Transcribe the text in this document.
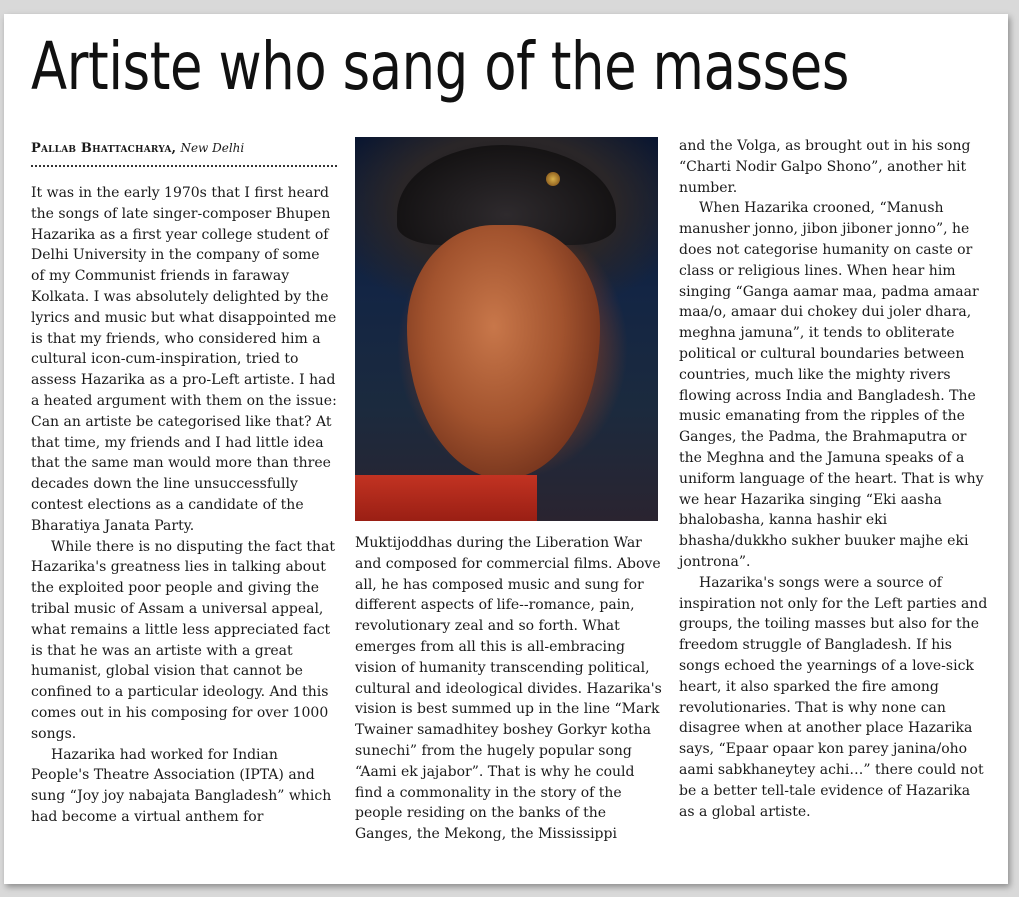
Artiste who sang of the masses
Pallab Bhattacharya, New Delhi

It was in the early 1970s that I first heard the songs of late singer-composer Bhupen Hazarika as a first year college student of Delhi University in the company of some of my Communist friends in faraway Kolkata. I was absolutely delighted by the lyrics and music but what disappointed me is that my friends, who considered him a cultural icon-cum-inspiration, tried to assess Hazarika as a pro-Left artiste. I had a heated argument with them on the issue: Can an artiste be categorised like that? At that time, my friends and I had little idea that the same man would more than three decades down the line unsuccessfully contest elections as a candidate of the Bharatiya Janata Party.

While there is no disputing the fact that Hazarika's greatness lies in talking about the exploited poor people and giving the tribal music of Assam a universal appeal, what remains a little less appreciated fact is that he was an artiste with a great humanist, global vision that cannot be confined to a particular ideology. And this comes out in his composing for over 1000 songs.

Hazarika had worked for Indian People's Theatre Association (IPTA) and sung “Joy joy nabajata Bangladesh” which had become a virtual anthem for

Muktijoddhas during the Liberation War and composed for commercial films. Above all, he has composed music and sung for different aspects of life--romance, pain, revolutionary zeal and so forth. What emerges from all this is all-embracing vision of humanity transcending political, cultural and ideological divides. Hazarika's vision is best summed up in the line “Mark Twainer samadhitey boshey Gorkyr kotha sunechi” from the hugely popular song “Aami ek jajabor”. That is why he could find a commonality in the story of the people residing on the banks of the Ganges, the Mekong, the Mississippi

and the Volga, as brought out in his song “Charti Nodir Galpo Shono”, another hit number.

When Hazarika crooned, “Manush manusher jonno, jibon jiboner jonno”, he does not categorise humanity on caste or class or religious lines. When hear him singing “Ganga aamar maa, padma amaar maa/o, amaar dui chokey dui joler dhara, meghna jamuna”, it tends to obliterate political or cultural boundaries between countries, much like the mighty rivers flowing across India and Bangladesh. The music emanating from the ripples of the Ganges, the Padma, the Brahmaputra or the Meghna and the Jamuna speaks of a uniform language of the heart. That is why we hear Hazarika singing “Eki aasha bhalobasha, kanna hashir eki bhasha/dukkho sukher buuker majhe eki jontrona”.

Hazarika's songs were a source of inspiration not only for the Left parties and groups, the toiling masses but also for the freedom struggle of Bangladesh. If his songs echoed the yearnings of a love-sick heart, it also sparked the fire among revolutionaries. That is why none can disagree when at another place Hazarika says, “Epaar opaar kon parey janina/oho aami sabkhaneytey achi…” there could not be a better tell-tale evidence of Hazarika as a global artiste.
